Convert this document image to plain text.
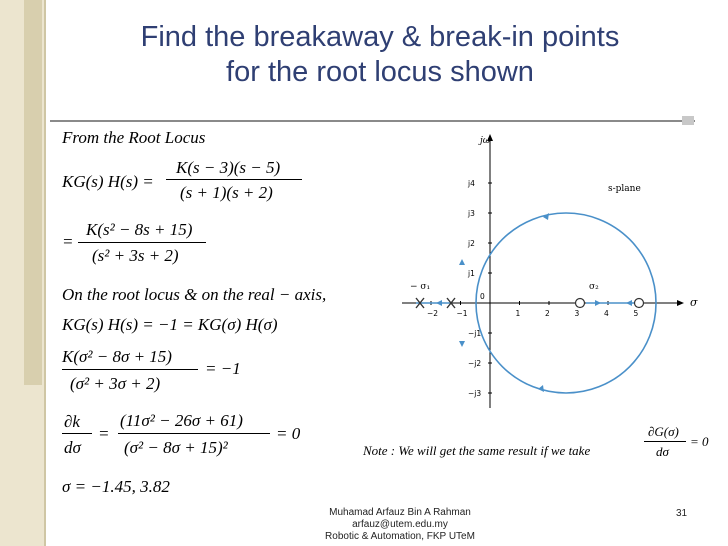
Find the breakaway & break-in points
for the root locus shown
From the Root Locus
KG(s) H(s) =
K(s − 3)(s − 5)
(s + 1)(s + 2)
=
K(s² − 8s + 15)
(s² + 3s + 2)
On the root locus & on the real − axis,
KG(s) H(s) = −1 = KG(σ) H(σ)
K(σ² − 8σ + 15)
(σ² + 3σ + 2)
= −1
∂k
dσ
=
(11σ² − 26σ + 61)
(σ² − 8σ + 15)²
= 0
σ = −1.45, 3.82
Note : We will get the same result if we take
∂G(σ)
dσ
= 0
jω
σ
s-plane
j4
j3
j2
j1
0
−j1
−j2
−j3
−2 −1	1	2	3	4	5
− σ₁	σ₂
Muhamad Arfauz Bin A Rahman
arfauz@utem.edu.my
Robotic & Automation, FKP UTeM
31
